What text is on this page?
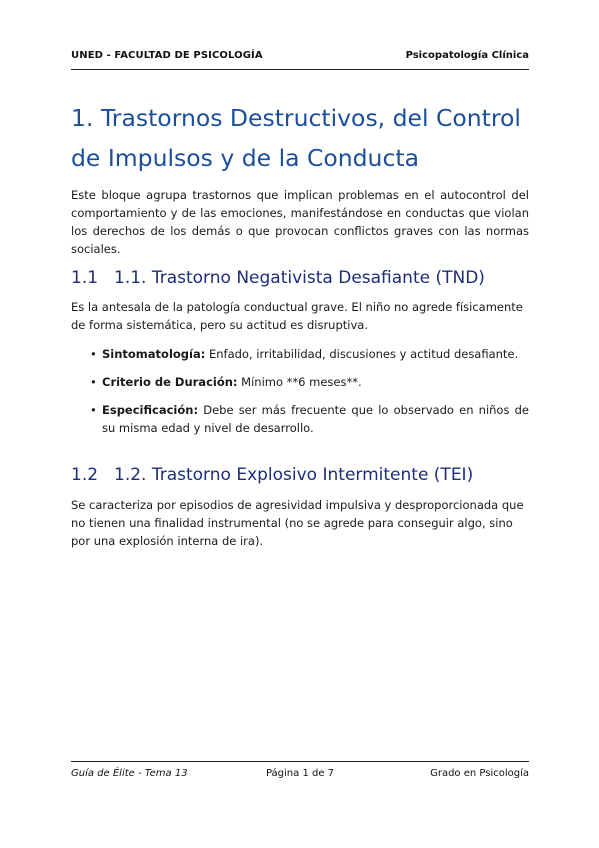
UNED - FACULTAD DE PSICOLOGÍA	Psicopatología Clínica
1. Trastornos Destructivos, del Control de Impulsos y de la Conducta

Este bloque agrupa trastornos que implican problemas en el autocontrol del comportamiento y de las emociones, manifestándose en conductas que violan los derechos de los demás o que provocan conflictos graves con las normas sociales.

1.1 1.1. Trastorno Negativista Desafiante (TND)

Es la antesala de la patología conductual grave. El niño no agrede físicamente de forma sistemática, pero su actitud es disruptiva.

• Sintomatología: Enfado, irritabilidad, discusiones y actitud desafiante.
• Criterio de Duración: Mínimo **6 meses**.
• Especificación: Debe ser más frecuente que lo observado en niños de su misma edad y nivel de desarrollo.
1.2 1.2. Trastorno Explosivo Intermitente (TEI)

Se caracteriza por episodios de agresividad impulsiva y desproporcionada que no tienen una finalidad instrumental (no se agrede para conseguir algo, sino por una explosión interna de ira).

Guía de Élite - Tema 13	Página 1 de 7	Grado en Psicología
